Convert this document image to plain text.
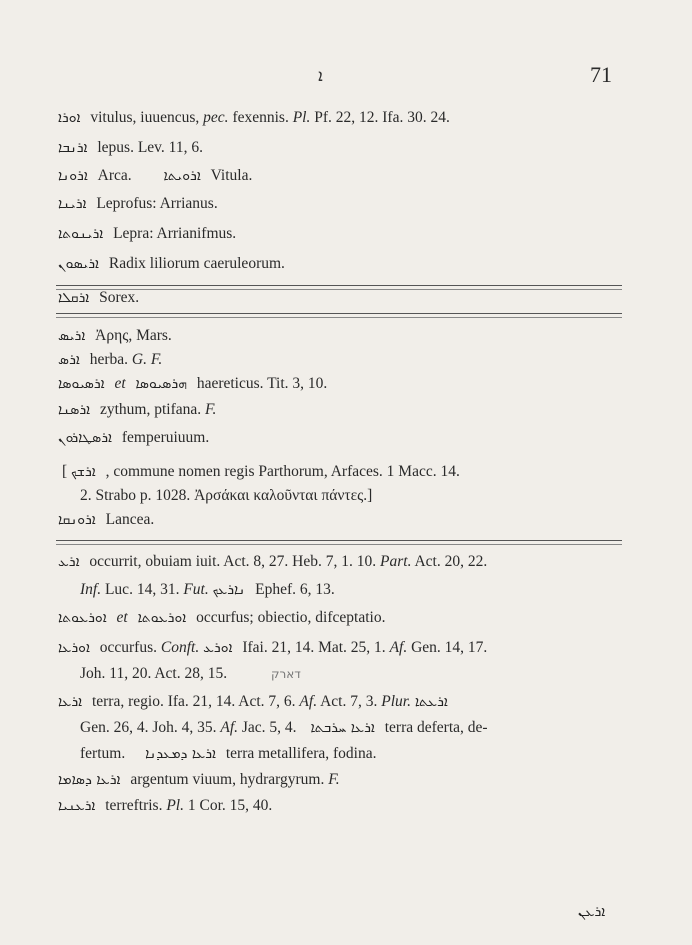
ܐ	71
ܐܘܪܐ vitulus, iuuencus, pec. fexennis. Pl. Pf. 22, 12. Ifa. 30. 24.
ܐܪܢܒܐ lepus. Lev. 11, 6.
ܐܪܘܢܐ Arca. ܐܪܘܝܬܐ Vitula.
ܐܪܝܢܐ Leprofus: Arrianus.
ܐܪܝܢܘܬܐ Lepra: Arrianifmus.
ܐܪܝܣܘܢ Radix liliorum caeruleorum.
ܐܪܩܠܐ Sorex.
ܐܪܝܣ Ἀρης, Mars.
ܐܪܣ herba. G. F.
ܐܪܣܝܘܣܐ et ܗܪܣܝܘܣܐ haereticus. Tit. 3, 10.
ܐܪܣܢܐ zythum, ptifana. F.
ܐܪܣܛܐܪܘܢ femperuiuum.
[ ܐܪܫܟ , commune nomen regis Parthorum, Arfaces. 1 Macc. 14.
2. Strabo p. 1028. Ἀρσάκαι καλοῦνται πάντες.]
ܐܪܘܢܩܐ Lancea.
ܐܪܥ occurrit, obuiam iuit. Act. 8, 27. Heb. 7, 1. 10. Part. Act. 20, 22.
Inf. Luc. 14, 31. Fut. ܢܐܪܥܟ Ephef. 6, 13.
ܐܘܪܥܘܬܐ et ܐܘܪܥܘܬܐ occurfus; obiectio, difceptatio.
ܐܘܪܥܐ occurfus. Conft. ܐܘܪܥ Ifai. 21, 14. Mat. 25, 1. Af. Gen. 14, 17.
Joh. 11, 20. Act. 28, 15.	דארק
ܐܪܥܐ terra, regio. Ifa. 21, 14. Act. 7, 6. Af. Act. 7, 3. Plur. ܐܪܥܬܐ
Gen. 26, 4. Joh. 4, 35. Af. Jac. 5, 4. ܐܪܥܐ ܚܪܒܬܐ terra deferta, de-
fertum. ܐܪܥܐ ܕܡܥܕܢܐ terra metallifera, fodina.
ܐܪܥܐ ܕܣܐܡܐ argentum viuum, hydrargyrum. F.
ܐܪܥܢܝܐ terreftris. Pl. 1 Cor. 15, 40.
ܐܪܥܢ
